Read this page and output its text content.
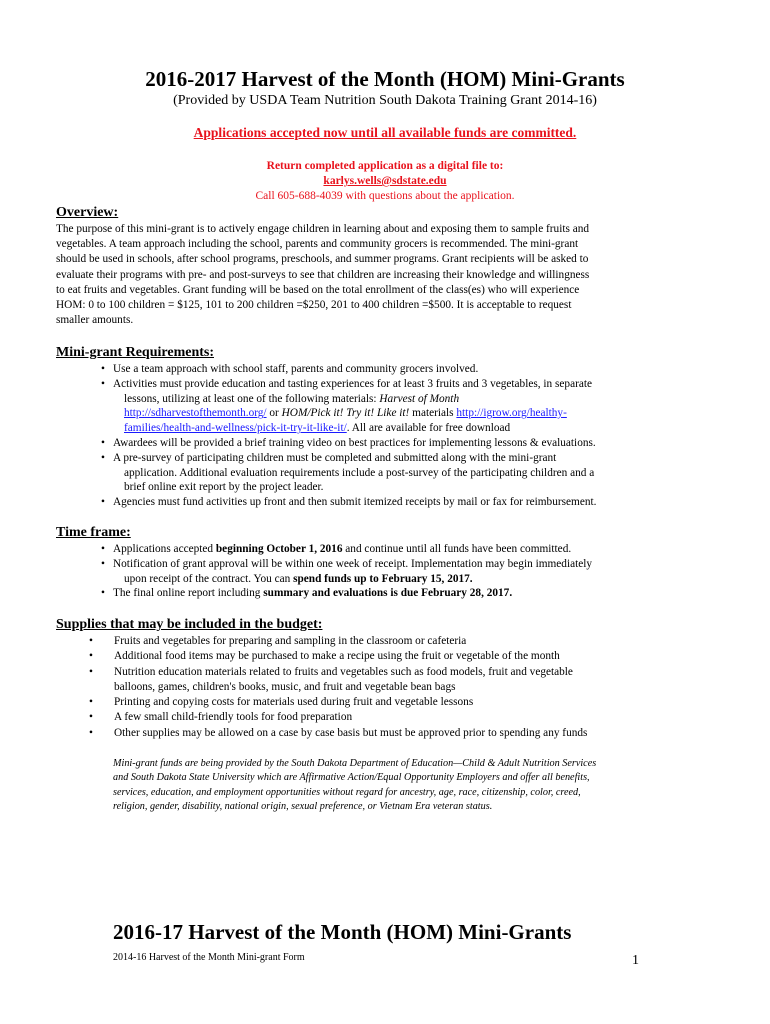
2016-2017 Harvest of the Month (HOM) Mini-Grants
(Provided by USDA Team Nutrition South Dakota Training Grant 2014-16)
Applications accepted now until all available funds are committed.
Return completed application as a digital file to:
karlys.wells@sdstate.edu
Call 605-688-4039 with questions about the application.
Overview:
The purpose of this mini-grant is to actively engage children in learning about and exposing them to sample fruits and
vegetables. A team approach including the school, parents and community grocers is recommended. The mini-grant
should be used in schools, after school programs, preschools, and summer programs. Grant recipients will be asked to
evaluate their programs with pre- and post-surveys to see that children are increasing their knowledge and willingness
to eat fruits and vegetables. Grant funding will be based on the total enrollment of the class(es) who will experience
HOM: 0 to 100 children = $125, 101 to 200 children =$250, 201 to 400 children =$500. It is acceptable to request
smaller amounts.
Mini-grant Requirements:
• Use a team approach with school staff, parents and community grocers involved.
• Activities must provide education and tasting experiences for at least 3 fruits and 3 vegetables, in separate
lessons, utilizing at least one of the following materials: Harvest of Month
http://sdharvestofthemonth.org/ or HOM/Pick it! Try it! Like it! materials http://igrow.org/healthy-
families/health-and-wellness/pick-it-try-it-like-it/. All are available for free download
• Awardees will be provided a brief training video on best practices for implementing lessons & evaluations.
• A pre-survey of participating children must be completed and submitted along with the mini-grant
application. Additional evaluation requirements include a post-survey of the participating children and a
brief online exit report by the project leader.
• Agencies must fund activities up front and then submit itemized receipts by mail or fax for reimbursement.
Time frame:
• Applications accepted beginning October 1, 2016 and continue until all funds have been committed.
• Notification of grant approval will be within one week of receipt. Implementation may begin immediately
upon receipt of the contract. You can spend funds up to February 15, 2017.
• The final online report including summary and evaluations is due February 28, 2017.
Supplies that may be included in the budget:
• Fruits and vegetables for preparing and sampling in the classroom or cafeteria
• Additional food items may be purchased to make a recipe using the fruit or vegetable of the month
• Nutrition education materials related to fruits and vegetables such as food models, fruit and vegetable
balloons, games, children's books, music, and fruit and vegetable bean bags
• Printing and copying costs for materials used during fruit and vegetable lessons
• A few small child-friendly tools for food preparation
• Other supplies may be allowed on a case by case basis but must be approved prior to spending any funds
Mini-grant funds are being provided by the South Dakota Department of Education—Child & Adult Nutrition Services
and South Dakota State University which are Affirmative Action/Equal Opportunity Employers and offer all benefits,
services, education, and employment opportunities without regard for ancestry, age, race, citizenship, color, creed,
religion, gender, disability, national origin, sexual preference, or Vietnam Era veteran status.
2016-17 Harvest of the Month (HOM) Mini-Grants
2014-16 Harvest of the Month Mini-grant Form	1
